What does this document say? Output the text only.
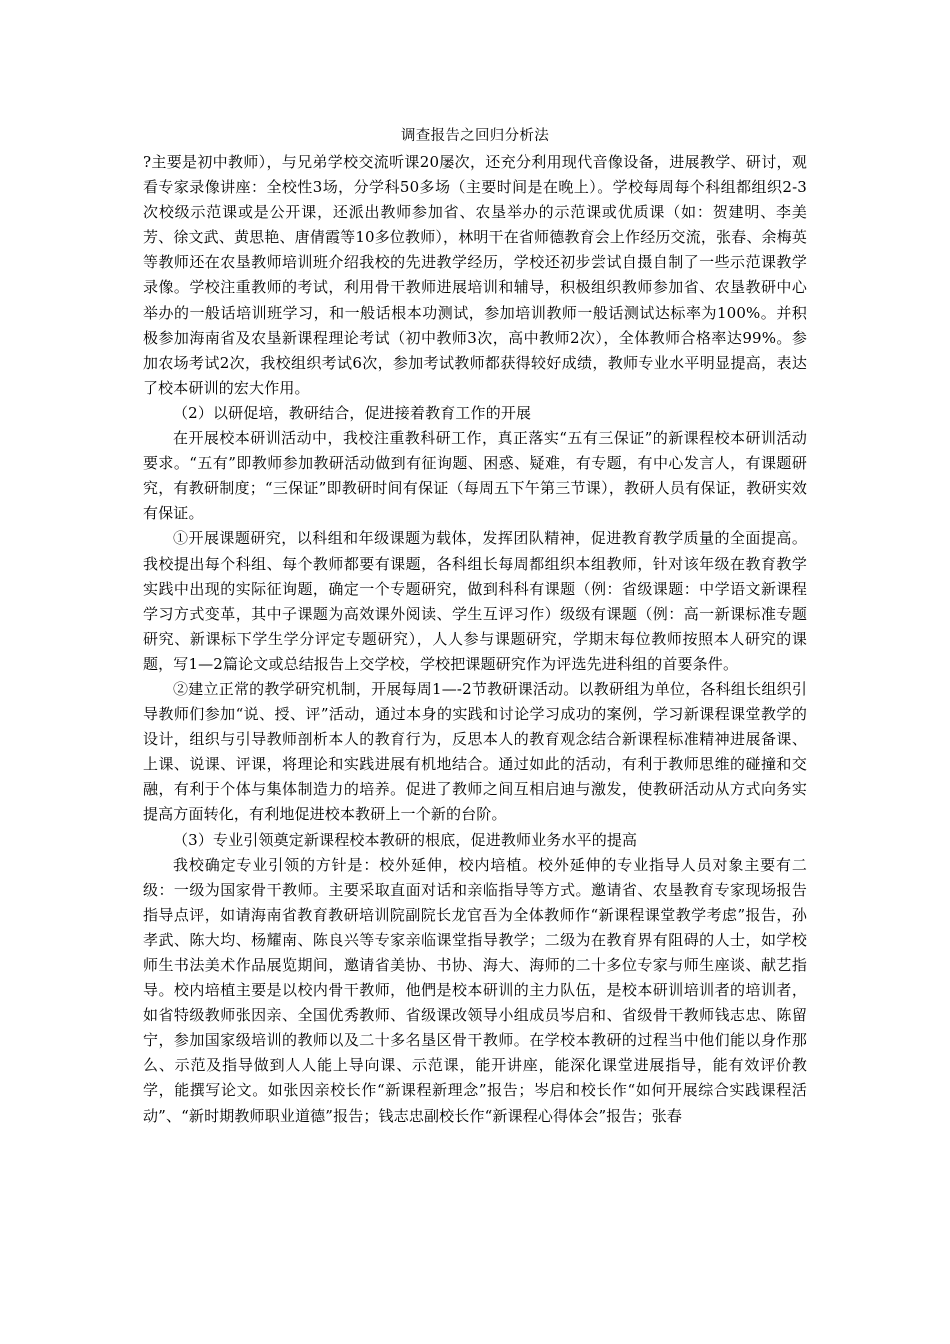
调查报告之回归分析法

?主要是初中教师），与兄弟学校交流听课20屡次，还充分利用现代音像设备，进展教学、研讨，观看专家录像讲座：全校性3场，分学科50多场（主要时间是在晚上）。学校每周每个科组都组织2-3次校级示范课或是公开课，还派出教师参加省、农垦举办的示范课或优质课（如：贺建明、李美芳、徐文武、黄思艳、唐倩霞等10多位教师），林明干在省师德教育会上作经历交流，张春、余梅英等教师还在农垦教师培训班介绍我校的先进教学经历，学校还初步尝试自摄自制了一些示范课教学录像。学校注重教师的考试，利用骨干教师进展培训和辅导，积极组织教师参加省、农垦教研中心举办的一般话培训班学习，和一般话根本功测试，参加培训教师一般话测试达标率为100%。并积极参加海南省及农垦新课程理论考试（初中教师3次，高中教师2次），全体教师合格率达99%。参加农场考试2次，我校组织考试6次，参加考试教师都获得较好成绩，教师专业水平明显提高，表达了校本研训的宏大作用。

（2）以研促培，教研结合，促进接着教育工作的开展

在开展校本研训活动中，我校注重教科研工作，真正落实“五有三保证”的新课程校本研训活动要求。“五有”即教师参加教研活动做到有征询题、困惑、疑难，有专题，有中心发言人，有课题研究，有教研制度；“三保证”即教研时间有保证（每周五下午第三节课），教研人员有保证，教研实效有保证。

①开展课题研究，以科组和年级课题为载体，发挥团队精神，促进教育教学质量的全面提高。我校提出每个科组、每个教师都要有课题，各科组长每周都组织本组教师，针对该年级在教育教学实践中出现的实际征询题，确定一个专题研究，做到科科有课题（例：省级课题：中学语文新课程学习方式变革，其中子课题为高效课外阅读、学生互评习作）级级有课题（例：高一新课标准专题研究、新课标下学生学分评定专题研究），人人参与课题研究，学期末每位教师按照本人研究的课题，写1—2篇论文或总结报告上交学校，学校把课题研究作为评选先进科组的首要条件。

②建立正常的教学研究机制，开展每周1—-2节教研课活动。以教研组为单位，各科组长组织引导教师们参加“说、授、评”活动，通过本身的实践和讨论学习成功的案例，学习新课程课堂教学的设计，组织与引导教师剖析本人的教育行为，反思本人的教育观念结合新课程标准精神进展备课、上课、说课、评课，将理论和实践进展有机地结合。通过如此的活动，有利于教师思维的碰撞和交融，有利于个体与集体制造力的培养。促进了教师之间互相启迪与激发，使教研活动从方式向务实提高方面转化，有利地促进校本教研上一个新的台阶。

（3）专业引领奠定新课程校本教研的根底，促进教师业务水平的提高

我校确定专业引领的方针是：校外延伸，校内培植。校外延伸的专业指导人员对象主要有二级：一级为国家骨干教师。主要采取直面对话和亲临指导等方式。邀请省、农垦教育专家现场报告指导点评，如请海南省教育教研培训院副院长龙官吾为全体教师作“新课程课堂教学考虑”报告，孙孝武、陈大均、杨耀南、陈良兴等专家亲临课堂指导教学；二级为在教育界有阻碍的人士，如学校师生书法美术作品展览期间，邀请省美协、书协、海大、海师的二十多位专家与师生座谈、献艺指导。校内培植主要是以校内骨干教师，他們是校本研训的主力队伍，是校本研训培训者的培训者，如省特级教师张因亲、全国优秀教师、省级课改领导小组成员岑启和、省级骨干教师钱志忠、陈留宁，参加国家级培训的教师以及二十多名垦区骨干教师。在学校本教研的过程当中他们能以身作那么、示范及指导做到人人能上导向课、示范课，能开讲座，能深化课堂进展指导，能有效评价教学，能撰写论文。如张因亲校长作“新课程新理念”报告；岑启和校长作“如何开展综合实践课程活动”、“新时期教师职业道德”报告；钱志忠副校长作“新课程心得体会”报告；张春
